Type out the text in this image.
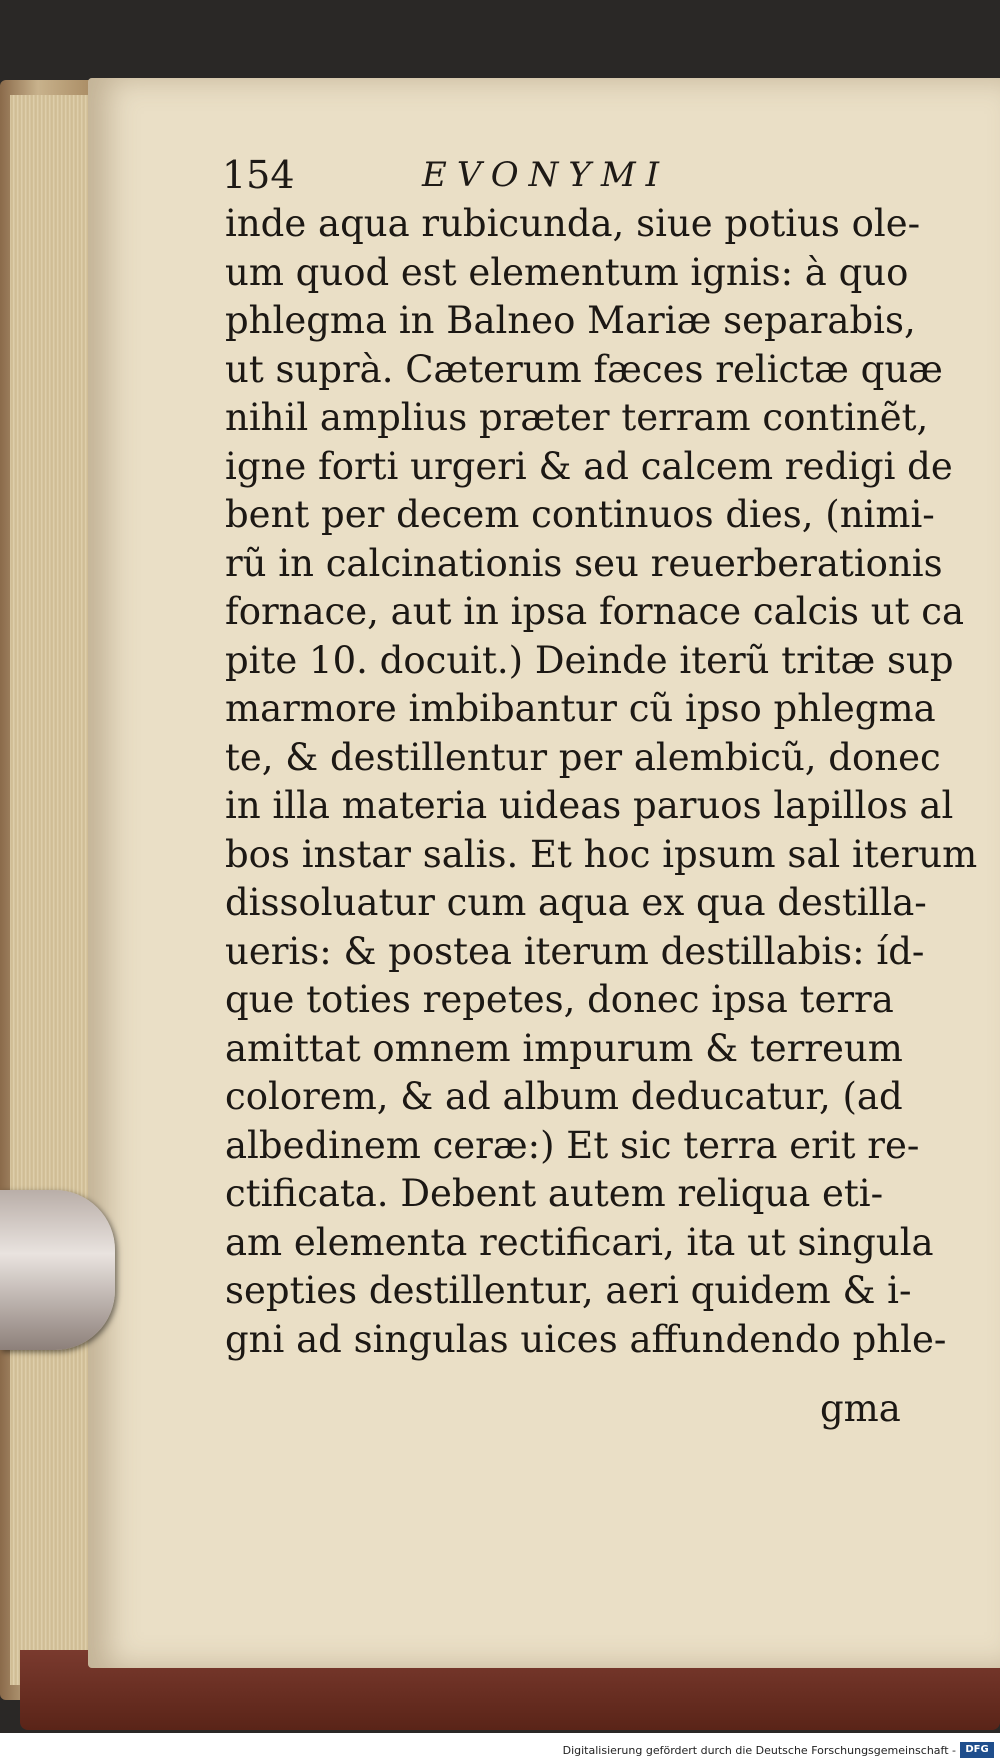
154	EVONYMI
inde aqua rubicunda, siue potius ole-
um quod est elementum ignis: à quo
phlegma in Balneo Mariæ separabis,
ut suprà. Cæterum fæces relictæ quæ
nihil amplius præter terram continẽt,
igne forti urgeri & ad calcem redigi de
bent per decem continuos dies, (nimi-
rũ in calcinationis seu reuerberationis
fornace, aut in ipsa fornace calcis ut ca
pite 10. docuit.) Deinde iterũ tritæ sup
marmore imbibantur cũ ipso phlegma
te, & destillentur per alembicũ, donec
in illa materia uideas paruos lapillos al
bos instar salis. Et hoc ipsum sal iterum
dissoluatur cum aqua ex qua destilla-
ueris: & postea iterum destillabis: íd-
que toties repetes, donec ipsa terra
amittat omnem impurum & terreum
colorem, & ad album deducatur, (ad
albedinem ceræ:) Et sic terra erit re-
ctificata. Debent autem reliqua eti-
am elementa rectificari, ita ut singula
septies destillentur, aeri quidem & i-
gni ad singulas uices affundendo phle-
gma
Digitalisierung gefördert durch die Deutsche Forschungsgemeinschaft - DFG
